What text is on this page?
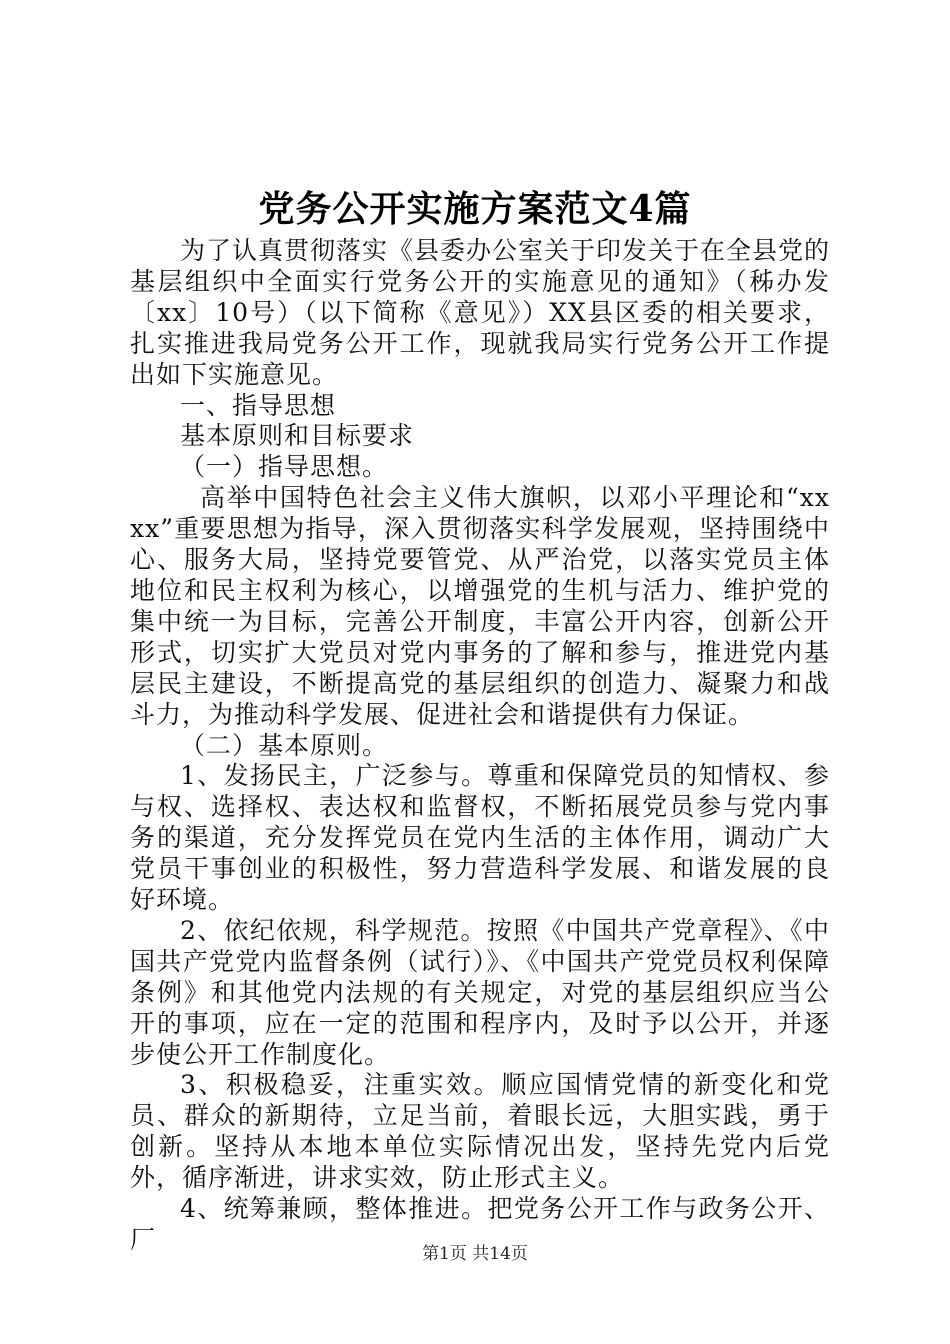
党务公开实施方案范文4篇

为了认真贯彻落实《县委办公室关于印发关于在全县党的基层组织中全面实行党务公开的实施意见的通知》（秭办发〔xx〕10号）（以下简称《意见》）XX县区委的相关要求，扎实推进我局党务公开工作，现就我局实行党务公开工作提出如下实施意见。

一、指导思想

基本原则和目标要求

（一）指导思想。

高举中国特色社会主义伟大旗帜，以邓小平理论和“xxxx”重要思想为指导，深入贯彻落实科学发展观，坚持围绕中心、服务大局，坚持党要管党、从严治党，以落实党员主体地位和民主权利为核心，以增强党的生机与活力、维护党的集中统一为目标，完善公开制度，丰富公开内容，创新公开形式，切实扩大党员对党内事务的了解和参与，推进党内基层民主建设，不断提高党的基层组织的创造力、凝聚力和战斗力，为推动科学发展、促进社会和谐提供有力保证。

（二）基本原则。

1、发扬民主，广泛参与。尊重和保障党员的知情权、参与权、选择权、表达权和监督权，不断拓展党员参与党内事务的渠道，充分发挥党员在党内生活的主体作用，调动广大党员干事创业的积极性，努力营造科学发展、和谐发展的良好环境。

2、依纪依规，科学规范。按照《中国共产党章程》、《中国共产党党内监督条例（试行）》、《中国共产党党员权利保障条例》和其他党内法规的有关规定，对党的基层组织应当公开的事项，应在一定的范围和程序内，及时予以公开，并逐步使公开工作制度化。

3、积极稳妥，注重实效。顺应国情党情的新变化和党员、群众的新期待，立足当前，着眼长远，大胆实践，勇于创新。坚持从本地本单位实际情况出发，坚持先党内后党外，循序渐进，讲求实效，防止形式主义。

4、统筹兼顾，整体推进。把党务公开工作与政务公开、厂	第1页 共14页
